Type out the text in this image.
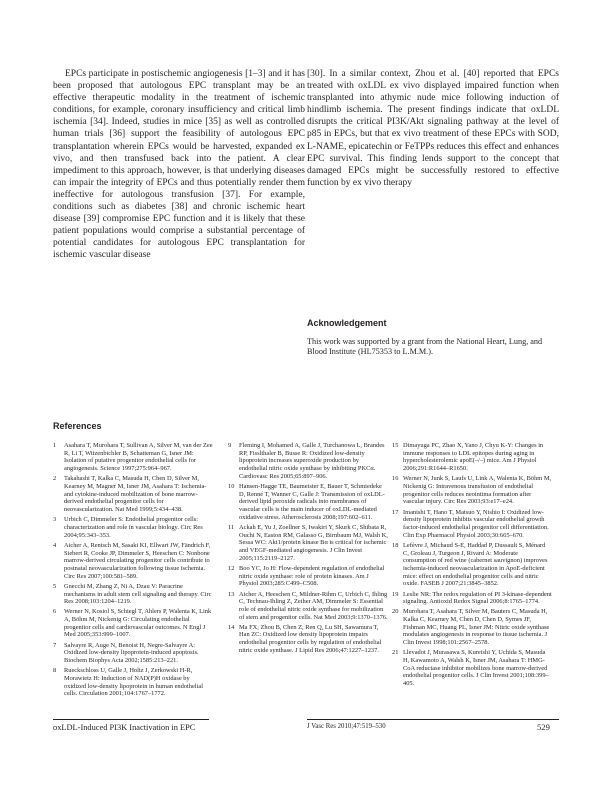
EPCs participate in postischemic angiogenesis [1–3] and it has been proposed that autologous EPC transplant may be an effective therapeutic modality in the treatment of ischemic conditions, for example, coronary insufficiency and critical limb ischemia [34]. Indeed, studies in mice [35] as well as controlled human trials [36] support the feasibility of autologous EPC transplantation wherein EPCs would be harvested, expanded ex vivo, and then transfused back into the patient. A clear impediment to this approach, however, is that underlying diseases can impair the integrity of EPCs and thus potentially render them ineffective for autologous transfusion [37]. For example, conditions such as diabetes [38] and chronic ischemic heart disease [39] compromise EPC function and it is likely that these patient populations would comprise a substantial percentage of potential candidates for autologous EPC transplantation for ischemic vascular disease
[30]. In a similar context, Zhou et al. [40] reported that EPCs treated with oxLDL ex vivo displayed impaired function when transplanted into athymic nude mice following induction of hindlimb ischemia. The present findings indicate that oxLDL disrupts the critical PI3K/Akt signaling pathway at the level of p85 in EPCs, but that ex vivo treatment of these EPCs with SOD, L-NAME, epicatechin or FeTPPs reduces this effect and enhances EPC survival. This finding lends support to the concept that damaged EPCs might be successfully restored to effective function by ex vivo therapy
Acknowledgement
This work was supported by a grant from the National Heart, Lung, and Blood Institute (HL75353 to L.M.M.).
References
1 Asahara T, Murohara T, Sullivan A, Silver M, van der Zee R, Li T, Witzenbichler B, Schatteman G, Isner JM: Isolation of putative progenitor endothelial cells for angiogenesis. Science 1997;275:964–967.
2 Takahashi T, Kalka C, Masuda H, Chen D, Silver M, Kearney M, Magner M, Isner JM, Asahara T: Ischemia- and cytokine-induced mobilization of bone marrow-derived endothelial progenitor cells for neovascularization. Nat Med 1999;5:434–438.
3 Urbich C, Dimmeler S: Endothelial progenitor cells: characterization and role in vascular biology. Circ Res 2004;95:343–353.
4 Aicher A, Rentsch M, Sasaki KI, Ellwart JW, Fändrich F, Siebert R, Cooke JP, Dimmeler S, Heeschen C: Nonbone marrow-derived circulating progenitor cells contribute to postnatal neovascularization following tissue ischemia. Circ Res 2007;100:581–589.
5 Gnecchi M, Zhang Z, Ni A, Dzau V: Paracrine mechanisms in adult stem cell signaling and therapy. Circ Res 2008;103:1204–1219.
6 Werner N, Kosiol S, Schiegl T, Ahlers P, Walenta K, Link A, Böhm M, Nickenig G: Circulating endothelial progenitor cells and cardiovascular outcomes. N Engl J Med 2005;353:999–1007.
7 Salvayre R, Auge N, Benoist H, Negre-Salvayre A: Oxidized low-density lipoprotein-induced apoptosis. Biochem Biophys Acta 2002;1585:213–221.
8 Rueckschloss U, Galle J, Holtz J, Zerkowski H-R, Morawietz H: Induction of NAD(P)H oxidase by oxidized low-density lipoprotein in human endothelial cells. Circulation 2001;104:1767–1772.
9 Fleming I, Mohamed A, Galle J, Turchanowa L, Brandes RP, Fisslthaler B, Busse R: Oxidized low-density lipoprotein increases superoxide production by endothelial nitric oxide synthase by inhibiting PKCα. Cardiovasc Res 2005;65:897–906.
10 Hansen-Hagge TE, Baumeister E, Bauer T, Schmiedeke D, Renné T, Wanner C, Galle J: Transmission of oxLDL-derived lipid peroxide radicals into membranes of vascular cells is the main inducer of oxLDL-mediated oxidative stress. Atherosclerosis 2008;197:602–611.
11 Ackah E, Yu J, Zoellner S, Iwakiri Y, Skurk C, Shibata R, Ouchi N, Easton RM, Galasso G, Birnbaum MJ, Walsh K, Sessa WC: Akt1/protein kinase Bα is critical for ischemic and VEGF-mediated angiogenesis. J Clin Invest 2005;115:2119–2127.
12 Boo YC, Jo H: Flow-dependent regulation of endothelial nitric oxide synthase: role of protein kinases. Am J Physiol 2003;285:C499–C508.
13 Aicher A, Heeschen C, Mildner-Rihm C, Urbich C, Ihling C, Technau-Ihling Z, Zeiher AM, Dimmeler S: Essential role of endothelial nitric oxide synthase for mobilization of stem and progenitor cells. Nat Med 2003;9:1370–1376.
14 Ma FX, Zhou B, Chen Z, Ren Q, Lu SH, Sawamura T, Han ZC: Oxidized low density lipoprotein impairs endothelial progenitor cells by regulation of endothelial nitric oxide synthase. J Lipid Res 2006;47:1227–1237.
15 Dimayuga PC, Zhao X, Yano J, Chyu K-Y: Changes in immune responses to LDL epitopes during aging in hypercholesterolemic apoE(–/–) mice. Am J Physiol 2006;291:R1644–R1650.
16 Werner N, Junk S, Laufs U, Link A, Walenta K, Böhm M, Nickenig G: Intravenous transfusion of endothelial progenitor cells reduces neointima formation after vascular injury. Circ Res 2003;93:e17–e24.
17 Imanishi T, Hano T, Matsuo Y, Nishio I: Oxidized low-density lipoprotein inhibits vascular endothelial growth factor-induced endothelial progenitor cell differentiation. Clin Exp Pharmacol Physiol 2003;30:665–670.
18 Lefèvre J, Michaud S-E, Haddad P, Dussault S, Ménard C, Groleau J, Turgeon J, Rivard A: Moderate consumption of red wine (cabernet sauvignon) improves ischemia-induced neovascularization in ApoE-deficient mice: effect on endothelial progenitor cells and nitric oxide. FASEB J 2007;21:3845–3852.
19 Leslie NR: The redox regulation of PI 3-kinase-dependent signaling. Antioxid Redox Signal 2006;8:1765–1774.
20 Murohara T, Asahara T, Silver M, Bauters C, Masuda H, Kalka C, Kearney M, Chen D, Chen D, Symes JF, Fishman MC, Huang PL, Isner JM: Nitric oxide synthase modulates angiogenesis in response to tissue ischemia. J Clin Invest 1998;101:2567–2578.
21 Llevadot J, Murasawa S, Kureishi Y, Uchida S, Masuda H, Kawamoto A, Walsh K, Isner JM, Asahara T: HMG-CoA reductase inhibitor mobilizes bone marrow-derived endothelial progenitor cells. J Clin Invest 2001;108:399–405.
oxLDL-Induced PI3K Inactivation in EPC	J Vasc Res 2010;47:519–530	529
